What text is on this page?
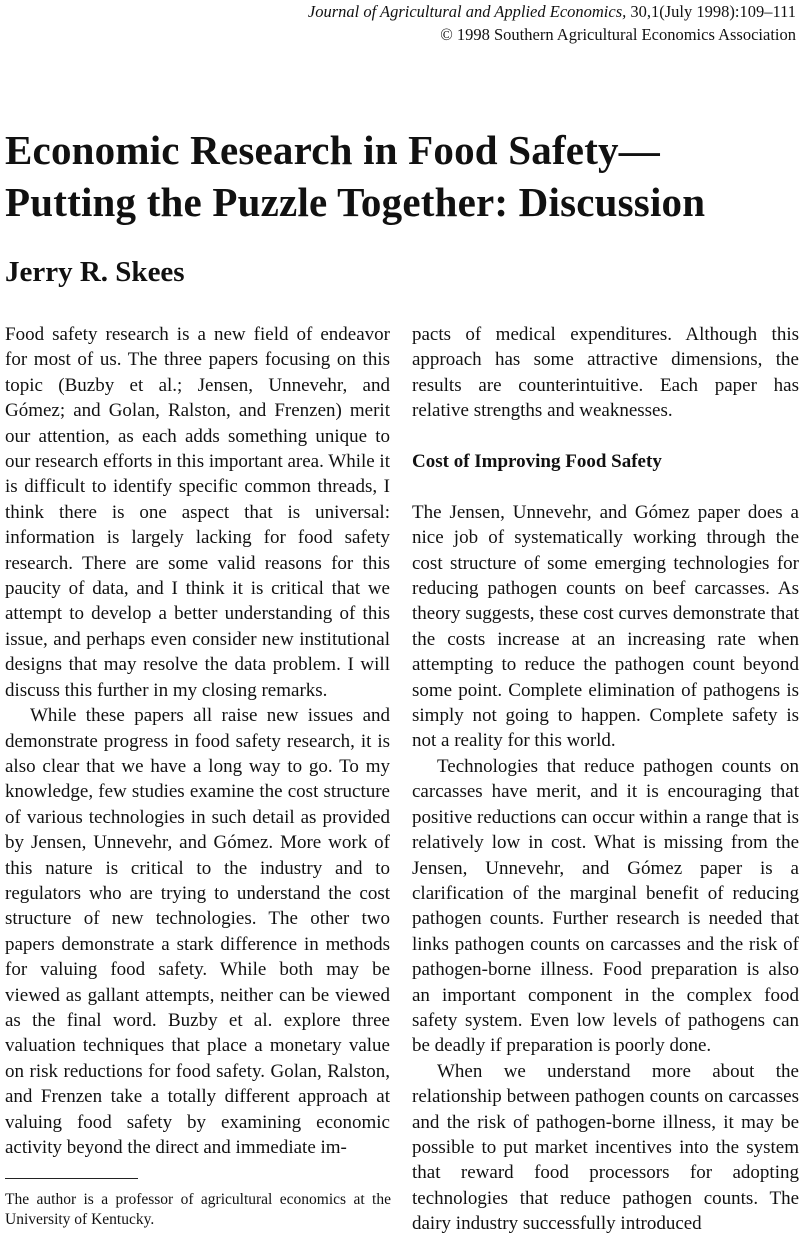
Journal of Agricultural and Applied Economics, 30,1(July 1998):109–111
© 1998 Southern Agricultural Economics Association
Economic Research in Food Safety—
Putting the Puzzle Together: Discussion
Jerry R. Skees

Food safety research is a new field of endeavor for most of us. The three papers focusing on this topic (Buzby et al.; Jensen, Unnevehr, and Gómez; and Golan, Ralston, and Frenzen) merit our attention, as each adds something unique to our research efforts in this important area. While it is difficult to identify specific common threads, I think there is one aspect that is universal: information is largely lacking for food safety research. There are some valid reasons for this paucity of data, and I think it is critical that we attempt to develop a better understanding of this issue, and perhaps even consider new institutional designs that may resolve the data problem. I will discuss this further in my closing remarks.

While these papers all raise new issues and demonstrate progress in food safety research, it is also clear that we have a long way to go. To my knowledge, few studies examine the cost structure of various technologies in such detail as provided by Jensen, Unnevehr, and Gómez. More work of this nature is critical to the industry and to regulators who are trying to understand the cost structure of new technologies. The other two papers demonstrate a stark difference in methods for valuing food safety. While both may be viewed as gallant attempts, neither can be viewed as the final word. Buzby et al. explore three valuation techniques that place a monetary value on risk reductions for food safety. Golan, Ralston, and Frenzen take a totally different approach at valuing food safety by examining economic activity beyond the direct and immediate im-

pacts of medical expenditures. Although this approach has some attractive dimensions, the results are counterintuitive. Each paper has relative strengths and weaknesses.

Cost of Improving Food Safety

The Jensen, Unnevehr, and Gómez paper does a nice job of systematically working through the cost structure of some emerging technologies for reducing pathogen counts on beef carcasses. As theory suggests, these cost curves demonstrate that the costs increase at an increasing rate when attempting to reduce the pathogen count beyond some point. Complete elimination of pathogens is simply not going to happen. Complete safety is not a reality for this world.

Technologies that reduce pathogen counts on carcasses have merit, and it is encouraging that positive reductions can occur within a range that is relatively low in cost. What is missing from the Jensen, Unnevehr, and Gómez paper is a clarification of the marginal benefit of reducing pathogen counts. Further research is needed that links pathogen counts on carcasses and the risk of pathogen-borne illness. Food preparation is also an important component in the complex food safety system. Even low levels of pathogens can be deadly if preparation is poorly done.

When we understand more about the relationship between pathogen counts on carcasses and the risk of pathogen-borne illness, it may be possible to put market incentives into the system that reward food processors for adopting technologies that reduce pathogen counts. The dairy industry successfully introduced

The author is a professor of agricultural economics at the University of Kentucky.
